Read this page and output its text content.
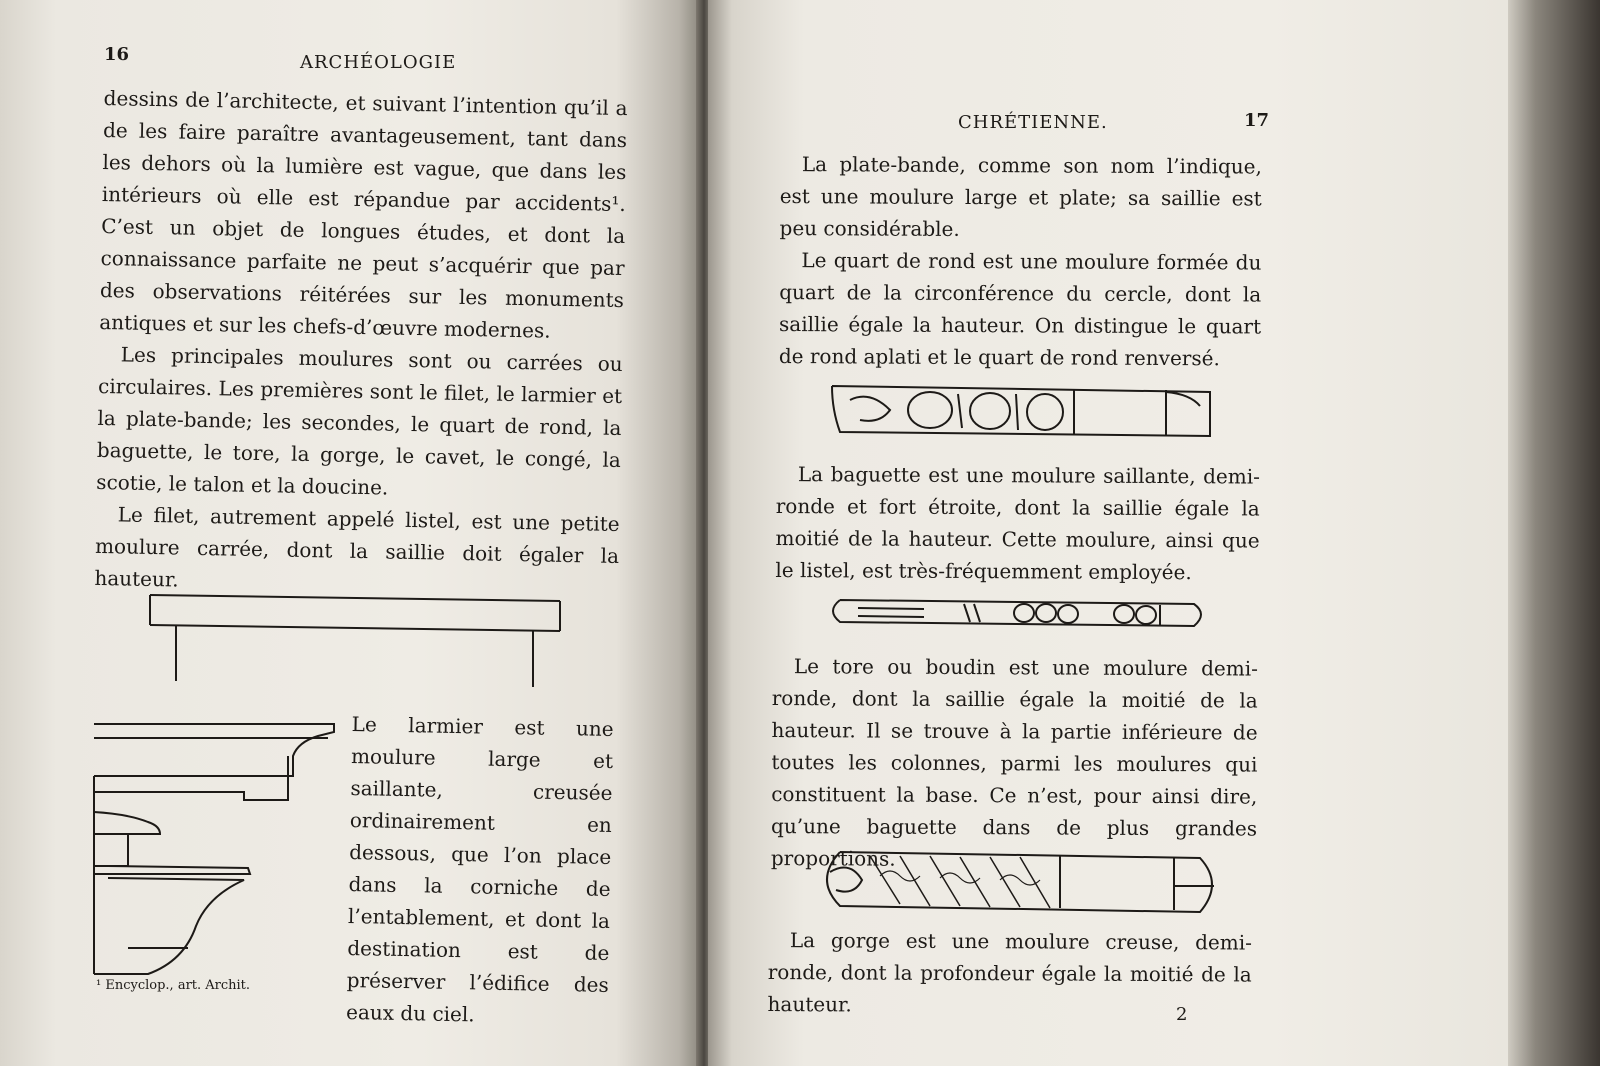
16	ARCHÉOLOGIE

dessins de l’architecte, et suivant l’intention qu’il a de les faire paraître avantageusement, tant dans les dehors où la lumière est vague, que dans les intérieurs où elle est répandue par accidents¹. C’est un objet de longues études, et dont la connaissance parfaite ne peut s’acquérir que par des observations réitérées sur les monuments antiques et sur les chefs-d’œuvre modernes.

Les principales moulures sont ou carrées ou circulaires. Les premières sont le filet, le larmier et la plate-bande; les secondes, le quart de rond, la baguette, le tore, la gorge, le cavet, le congé, la scotie, le talon et la doucine.

Le filet, autrement appelé listel, est une petite moulure carrée, dont la saillie doit égaler la hauteur.

Le larmier est une moulure large et saillante, creusée ordinairement en dessous, que l’on place dans la corniche de l’entablement, et dont la destination est de préserver l’édifice des eaux du ciel.
¹ Encyclop., art. Archit.
CHRÉTIENNE.	17

La plate-bande, comme son nom l’indique, est une moulure large et plate; sa saillie est peu considérable.

Le quart de rond est une moulure formée du quart de la circonférence du cercle, dont la saillie égale la hauteur. On distingue le quart de rond aplati et le quart de rond renversé.

La baguette est une moulure saillante, demi-ronde et fort étroite, dont la saillie égale la moitié de la hauteur. Cette moulure, ainsi que le listel, est très-fréquemment employée.

Le tore ou boudin est une moulure demi-ronde, dont la saillie égale la moitié de la hauteur. Il se trouve à la partie inférieure de toutes les colonnes, parmi les moulures qui constituent la base. Ce n’est, pour ainsi dire, qu’une baguette dans de plus grandes proportions.

La gorge est une moulure creuse, demi-ronde, dont la profondeur égale la moitié de la hauteur.	2
